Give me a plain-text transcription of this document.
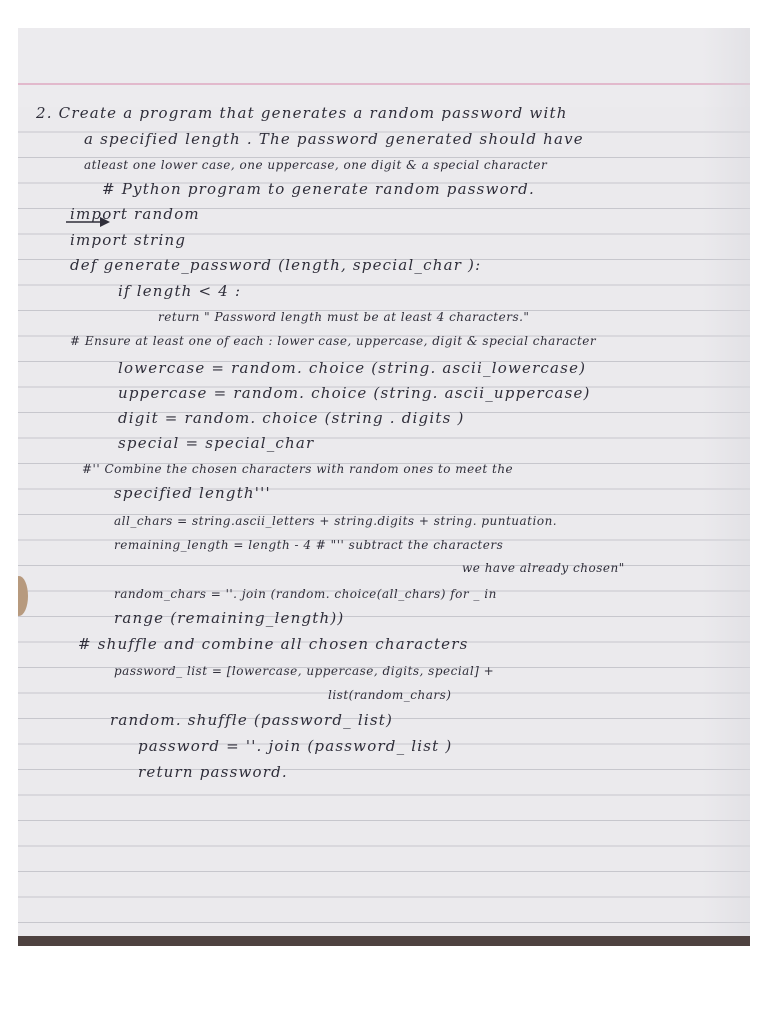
2. Create a program that generates a random password with
a specified length . The password generated should have
atleast one lower case, one uppercase, one digit & a special character
# Python program to generate random password.
import random
import string
def generate_password (length, special_char ):
if length < 4 :
return " Password length must be at least 4 characters."
# Ensure at least one of each : lower case, uppercase, digit & special character
lowercase = random. choice (string. ascii_lowercase)
uppercase = random. choice (string. ascii_uppercase)
digit = random. choice (string . digits )
special = special_char
#'' Combine the chosen characters with random ones to meet the
specified length'''
all_chars = string.ascii_letters + string.digits + string. puntuation.
remaining_length = length - 4 # "'' subtract the characters
we have already chosen"
random_chars = ''. join (random. choice(all_chars) for _ in
range (remaining_length))
# shuffle and combine all chosen characters
password_ list = [lowercase, uppercase, digits, special] +
list(random_chars)
random. shuffle (password_ list)
password = ''. join (password_ list )
return password.
